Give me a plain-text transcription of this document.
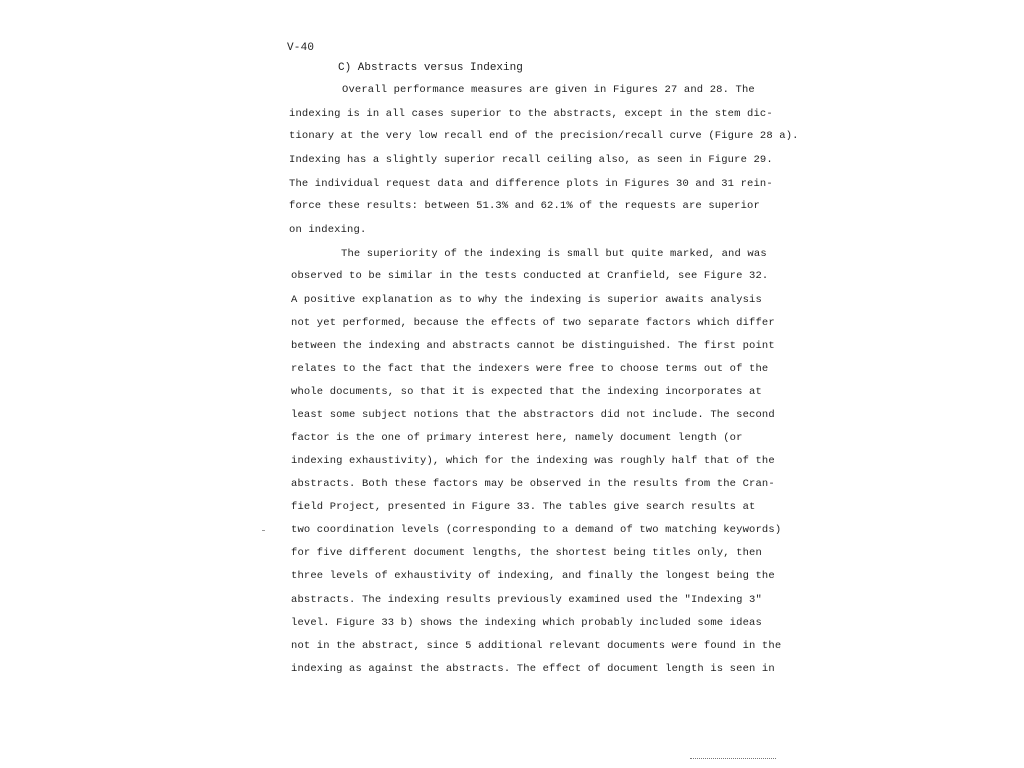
V-40
C) Abstracts versus Indexing
Overall performance measures are given in Figures 27 and 28. The
indexing is in all cases superior to the abstracts, except in the stem dic-
tionary at the very low recall end of the precision/recall curve (Figure 28 a).
Indexing has a slightly superior recall ceiling also, as seen in Figure 29.
The individual request data and difference plots in Figures 30 and 31 rein-
force these results: between 51.3% and 62.1% of the requests are superior
on indexing.
The superiority of the indexing is small but quite marked, and was
observed to be similar in the tests conducted at Cranfield, see Figure 32.
A positive explanation as to why the indexing is superior awaits analysis
not yet performed, because the effects of two separate factors which differ
between the indexing and abstracts cannot be distinguished. The first point
relates to the fact that the indexers were free to choose terms out of the
whole documents, so that it is expected that the indexing incorporates at
least some subject notions that the abstractors did not include. The second
factor is the one of primary interest here, namely document length (or
indexing exhaustivity), which for the indexing was roughly half that of the
abstracts. Both these factors may be observed in the results from the Cran-
field Project, presented in Figure 33. The tables give search results at
two coordination levels (corresponding to a demand of two matching keywords)
for five different document lengths, the shortest being titles only, then
three levels of exhaustivity of indexing, and finally the longest being the
abstracts. The indexing results previously examined used the "Indexing 3"
level. Figure 33 b) shows the indexing which probably included some ideas
not in the abstract, since 5 additional relevant documents were found in the
indexing as against the abstracts. The effect of document length is seen in
